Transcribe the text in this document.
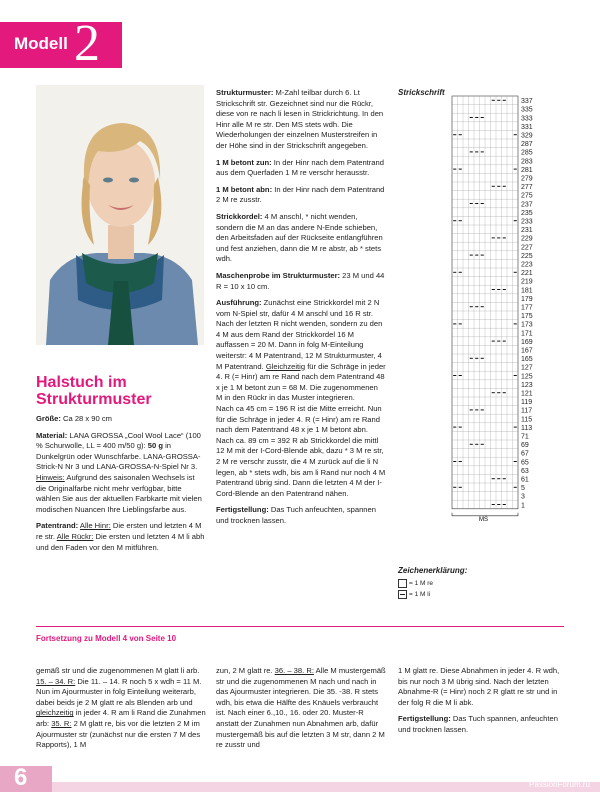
Modell 2
Halstuch im
Strukturmuster

Größe: Ca 28 x 90 cm

Material: LANA GROSSA „Cool Wool Lace“ (100 % Schurwolle, LL = 400 m/50 g): 50 g in Dunkelgrün oder Wunschfarbe. LANA-GROSSA-Strick-N Nr 3 und LANA-GROSSA-N-Spiel Nr 3.
Hinweis: Aufgrund des saisonalen Wechsels ist die Originalfarbe nicht mehr verfügbar, bitte wählen Sie aus der aktuellen Farbkarte mit vielen modischen Nuancen Ihre Lieblingsfarbe aus.

Patentrand: Alle Hinr: Die ersten und letzten 4 M re str. Alle Rückr: Die ersten und letzten 4 M li abh und den Faden vor den M mitführen.

Strukturmuster: M-Zahl teilbar durch 6. Lt Strickschrift str. Gezeichnet sind nur die Rückr, diese von re nach li lesen in Strickrichtung. In den Hinr alle M re str. Den MS stets wdh. Die Wiederholungen der einzelnen Musterstreifen in der Höhe sind in der Strickschrift angegeben.

1 M betont zun: In der Hinr nach dem Patentrand aus dem Querfaden 1 M re verschr herausstr.

1 M betont abn: In der Hinr nach dem Patentrand 2 M re zusstr.

Strickkordel: 4 M anschl, * nicht wenden, sondern die M an das andere N-Ende schieben, den Arbeitsfaden auf der Rückseite entlangführen und fest anziehen, dann die M re abstr, ab * stets wdh.

Maschenprobe im Strukturmuster: 23 M und 44 R = 10 x 10 cm.

Ausführung: Zunächst eine Strickkordel mit 2 N vom N-Spiel str, dafür 4 M anschl und 16 R str. Nach der letzten R nicht wenden, sondern zu den 4 M aus dem Rand der Strickkordel 16 M auffassen = 20 M. Dann in folg M-Einteilung weiterstr: 4 M Patentrand, 12 M Strukturmuster, 4 M Patentrand. Gleichzeitig für die Schräge in jeder 4. R (= Hinr) am re Rand nach dem Patentrand 48 x je 1 M betont zun = 68 M. Die zugenommenen M in den Rückr in das Muster integrieren.
Nach ca 45 cm = 196 R ist die Mitte erreicht. Nun für die Schräge in jeder 4. R (= Hinr) am re Rand nach dem Patentrand 48 x je 1 M betont abn. Nach ca. 89 cm = 392 R ab Strickkordel die mittl 12 M mit der I-Cord-Blende abk, dazu * 3 M re str, 2 M re verschr zusstr, die 4 M zurück auf die li N legen, ab * stets wdh, bis am li Rand nur noch 4 M Patentrand übrig sind. Dann die letzten 4 M der I-Cord-Blende an den Patentrand nähen.

Fertigstellung: Das Tuch anfeuchten, spannen und trocknen lassen.

Strickschrift
337
335
333
331
329
287
285
283
281
279
277
275
237
235
233
231
229
227
225
223
221
219
181
179
177
175
173
171
169
167
165
127
125
123
121
119
117
115
113
71
69
67
65
63
61
5
3
1
MS
Zeichenerklärung:
= 1 M re
= 1 M li
Fortsetzung zu Modell 4 von Seite 10

gemäß str und die zugenommenen M glatt li arb. 15. – 34. R: Die 11. – 14. R noch 5 x wdh = 11 M. Nun im Ajourmuster in folg Einteilung weiterarb, dabei beids je 2 M glatt re als Blenden arb und gleichzeitig in jeder 4. R am li Rand die Zunahmen arb: 35. R: 2 M glatt re, bis vor die letzten 2 M im Ajourmuster str (zunächst nur die ersten 7 M des Rapports), 1 M

zun, 2 M glatt re. 36. – 38. R: Alle M mustergemäß str und die zugenommenen M nach und nach in das Ajourmuster integrieren. Die 35. -38. R stets wdh, bis etwa die Hälfte des Knäuels verbraucht ist. Nach einer 6.,10., 16. oder 20. Muster-R anstatt der Zunahmen nun Abnahmen arb, dafür mustergemäß bis auf die letzten 3 M str, dann 2 M re zusstr und

1 M glatt re. Diese Abnahmen in jeder 4. R wdh, bis nur noch 3 M übrig sind. Nach der letzten Abnahme-R (= Hinr) noch 2 R glatt re str und in der folg R die M li abk.

Fertigstellung: Das Tuch spannen, anfeuchten und trocknen lassen.

6	PassionForum.ru
